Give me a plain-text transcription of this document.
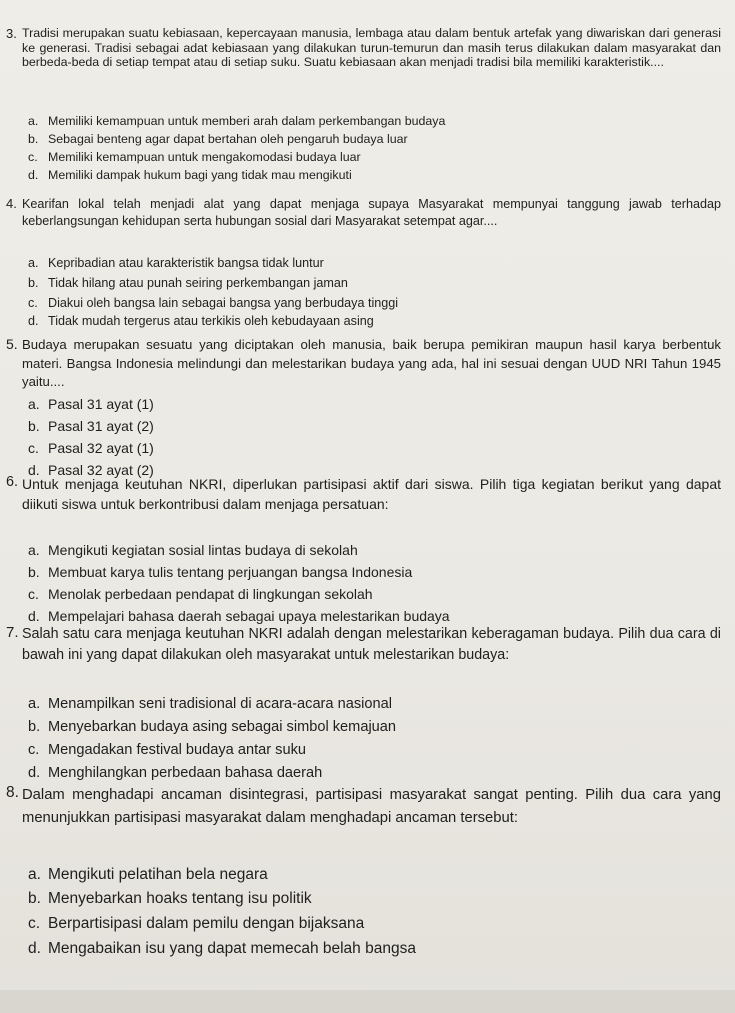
3. Tradisi merupakan suatu kebiasaan, kepercayaan manusia, lembaga atau dalam bentuk artefak yang diwariskan dari generasi ke generasi. Tradisi sebagai adat kebiasaan yang dilakukan turun-temurun dan masih terus dilakukan dalam masyarakat dan berbeda-beda di setiap tempat atau di setiap suku. Suatu kebiasaan akan menjadi tradisi bila memiliki karakteristik....
a. Memiliki kemampuan untuk memberi arah dalam perkembangan budaya
b. Sebagai benteng agar dapat bertahan oleh pengaruh budaya luar
c. Memiliki kemampuan untuk mengakomodasi budaya luar
d. Memiliki dampak hukum bagi yang tidak mau mengikuti
4. Kearifan lokal telah menjadi alat yang dapat menjaga supaya Masyarakat mempunyai tanggung jawab terhadap keberlangsungan kehidupan serta hubungan sosial dari Masyarakat setempat agar....
a. Kepribadian atau karakteristik bangsa tidak luntur
b. Tidak hilang atau punah seiring perkembangan jaman
c. Diakui oleh bangsa lain sebagai bangsa yang berbudaya tinggi
d. Tidak mudah tergerus atau terkikis oleh kebudayaan asing
5. Budaya merupakan sesuatu yang diciptakan oleh manusia, baik berupa pemikiran maupun hasil karya berbentuk materi. Bangsa Indonesia melindungi dan melestarikan budaya yang ada, hal ini sesuai dengan UUD NRI Tahun 1945 yaitu....
a. Pasal 31 ayat (1)
b. Pasal 31 ayat (2)
c. Pasal 32 ayat (1)
d. Pasal 32 ayat (2)
6. Untuk menjaga keutuhan NKRI, diperlukan partisipasi aktif dari siswa. Pilih tiga kegiatan berikut yang dapat diikuti siswa untuk berkontribusi dalam menjaga persatuan:
a. Mengikuti kegiatan sosial lintas budaya di sekolah
b. Membuat karya tulis tentang perjuangan bangsa Indonesia
c. Menolak perbedaan pendapat di lingkungan sekolah
d. Mempelajari bahasa daerah sebagai upaya melestarikan budaya
7. Salah satu cara menjaga keutuhan NKRI adalah dengan melestarikan keberagaman budaya. Pilih dua cara di bawah ini yang dapat dilakukan oleh masyarakat untuk melestarikan budaya:
a. Menampilkan seni tradisional di acara-acara nasional
b. Menyebarkan budaya asing sebagai simbol kemajuan
c. Mengadakan festival budaya antar suku
d. Menghilangkan perbedaan bahasa daerah
8. Dalam menghadapi ancaman disintegrasi, partisipasi masyarakat sangat penting. Pilih dua cara yang menunjukkan partisipasi masyarakat dalam menghadapi ancaman tersebut:
a. Mengikuti pelatihan bela negara
b. Menyebarkan hoaks tentang isu politik
c. Berpartisipasi dalam pemilu dengan bijaksana
d. Mengabaikan isu yang dapat memecah belah bangsa
